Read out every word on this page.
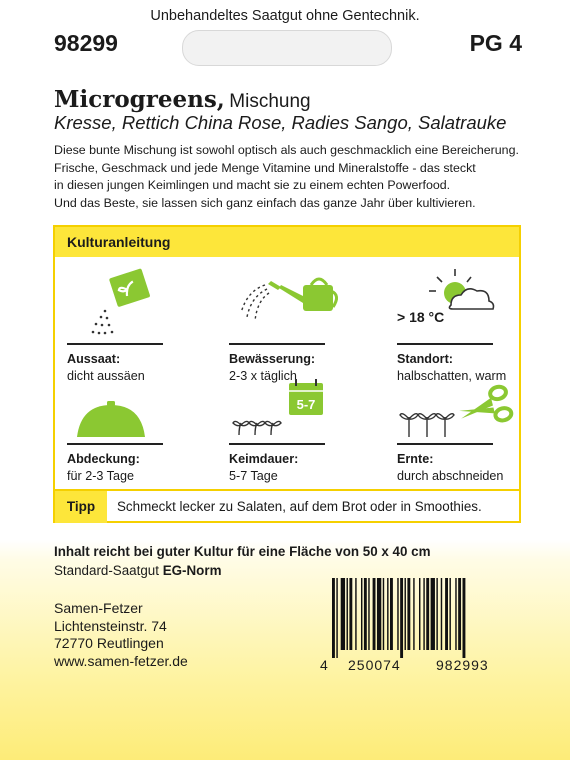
Unbehandeltes Saatgut ohne Gentechnik.
98299	PG 4
Microgreens, Mischung
Kresse, Rettich China Rose, Radies Sango, Salatrauke
Diese bunte Mischung ist sowohl optisch als auch geschmacklich eine Bereicherung.
Frische, Geschmack und jede Menge Vitamine und Mineralstoffe - das steckt
in diesen jungen Keimlingen und macht sie zu einem echten Powerfood.
Und das Beste, sie lassen sich ganz einfach das ganze Jahr über kultivieren.
Kulturanleitung
Aussaat:
dicht aussäen
Bewässerung:
2-3 x täglich
> 18 °C
Standort:
halbschatten, warm
Abdeckung:
für 2-3 Tage
5-7
Keimdauer:
5-7 Tage
Ernte:
durch abschneiden
Tipp	Schmeckt lecker zu Salaten, auf dem Brot oder in Smoothies.
Inhalt reicht bei guter Kultur für eine Fläche von 50 x 40 cm
Standard-Saatgut EG-Norm
Samen-Fetzer
Lichtensteinstr. 74
72770 Reutlingen
www.samen-fetzer.de	4 250074	982993
